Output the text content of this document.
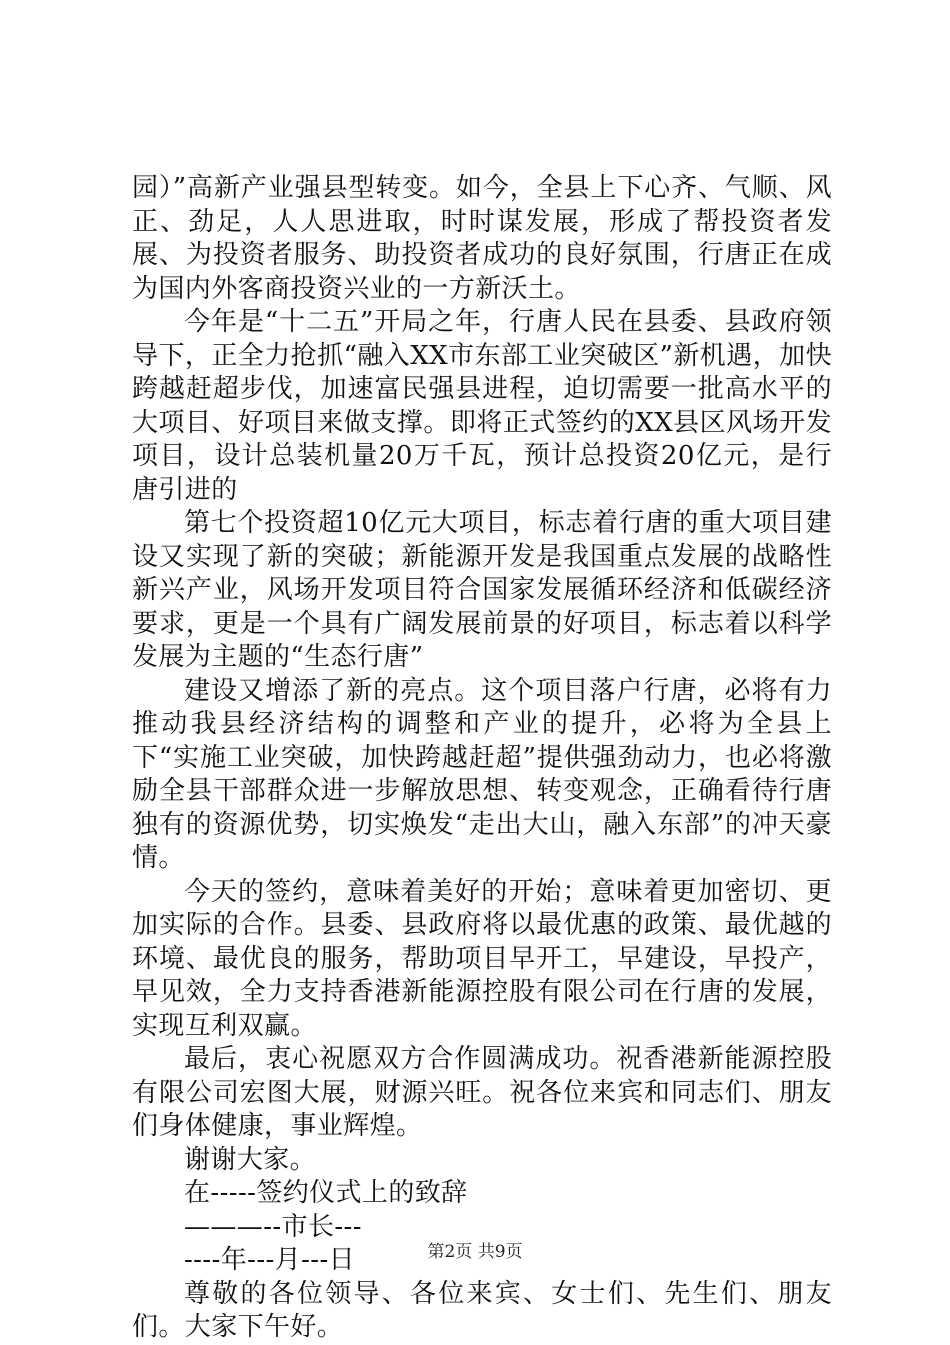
园）”高新产业强县型转变。如今，全县上下心齐、气顺、风正、劲足，人人思进取，时时谋发展，形成了帮投资者发展、为投资者服务、助投资者成功的良好氛围，行唐正在成为国内外客商投资兴业的一方新沃土。

今年是“十二五”开局之年，行唐人民在县委、县政府领导下，正全力抢抓“融入XX市东部工业突破区”新机遇，加快跨越赶超步伐，加速富民强县进程，迫切需要一批高水平的大项目、好项目来做支撑。即将正式签约的XX县区风场开发项目，设计总装机量20万千瓦，预计总投资20亿元，是行唐引进的

第七个投资超10亿元大项目，标志着行唐的重大项目建设又实现了新的突破；新能源开发是我国重点发展的战略性新兴产业，风场开发项目符合国家发展循环经济和低碳经济要求，更是一个具有广阔发展前景的好项目，标志着以科学发展为主题的“生态行唐”

建设又增添了新的亮点。这个项目落户行唐，必将有力推动我县经济结构的调整和产业的提升，必将为全县上下“实施工业突破，加快跨越赶超”提供强劲动力，也必将激励全县干部群众进一步解放思想、转变观念，正确看待行唐独有的资源优势，切实焕发“走出大山，融入东部”的冲天豪情。

今天的签约，意味着美好的开始；意味着更加密切、更加实际的合作。县委、县政府将以最优惠的政策、最优越的环境、最优良的服务，帮助项目早开工，早建设，早投产，早见效，全力支持香港新能源控股有限公司在行唐的发展，实现互利双赢。

最后，衷心祝愿双方合作圆满成功。祝香港新能源控股有限公司宏图大展，财源兴旺。祝各位来宾和同志们、朋友们身体健康，事业辉煌。

谢谢大家。

在-----签约仪式上的致辞

———--市长---

----年---月---日

尊敬的各位领导、各位来宾、女士们、先生们、朋友们。大家下午好。

第2页 共9页
